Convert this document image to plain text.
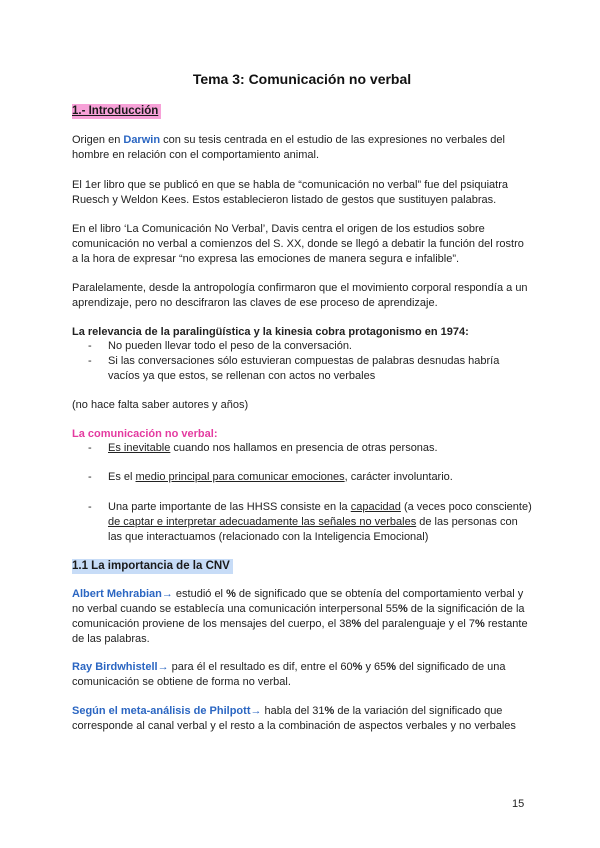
Tema 3: Comunicación no verbal
1.- Introducción
Origen en Darwin con su tesis centrada en el estudio de las expresiones no verbales del hombre en relación con el comportamiento animal.
El 1er libro que se publicó en que se habla de “comunicación no verbal” fue del psiquiatra Ruesch y Weldon Kees. Estos establecieron listado de gestos que sustituyen palabras.
En el libro ‘La Comunicación No Verbal’, Davis centra el origen de los estudios sobre comunicación no verbal a comienzos del S. XX, donde se llegó a debatir la función del rostro a la hora de expresar “no expresa las emociones de manera segura e infalible”.
Paralelamente, desde la antropología confirmaron que el movimiento corporal respondía a un aprendizaje, pero no descifraron las claves de ese proceso de aprendizaje.
La relevancia de la paralingüística y la kinesia cobra protagonismo en 1974:
-	No pueden llevar todo el peso de la conversación.
-	Si las conversaciones sólo estuvieran compuestas de palabras desnudas habría vacíos ya que estos, se rellenan con actos no verbales
(no hace falta saber autores y años)
La comunicación no verbal:
-	Es inevitable cuando nos hallamos en presencia de otras personas.
-	Es el medio principal para comunicar emociones, carácter involuntario.
-	Una parte importante de las HHSS consiste en la capacidad (a veces poco consciente) de captar e interpretar adecuadamente las señales no verbales de las personas con las que interactuamos (relacionado con la Inteligencia Emocional)
1.1 La importancia de la CNV
Albert Mehrabian→ estudió el % de significado que se obtenía del comportamiento verbal y no verbal cuando se establecía una comunicación interpersonal 55% de la significación de la comunicación proviene de los mensajes del cuerpo, el 38% del paralenguaje y el 7% restante de las palabras.
Ray Birdwhistell→ para él el resultado es dif, entre el 60% y 65% del significado de una comunicación se obtiene de forma no verbal.
Según el meta-análisis de Philpott→ habla del 31% de la variación del significado que corresponde al canal verbal y el resto a la combinación de aspectos verbales y no verbales
15
